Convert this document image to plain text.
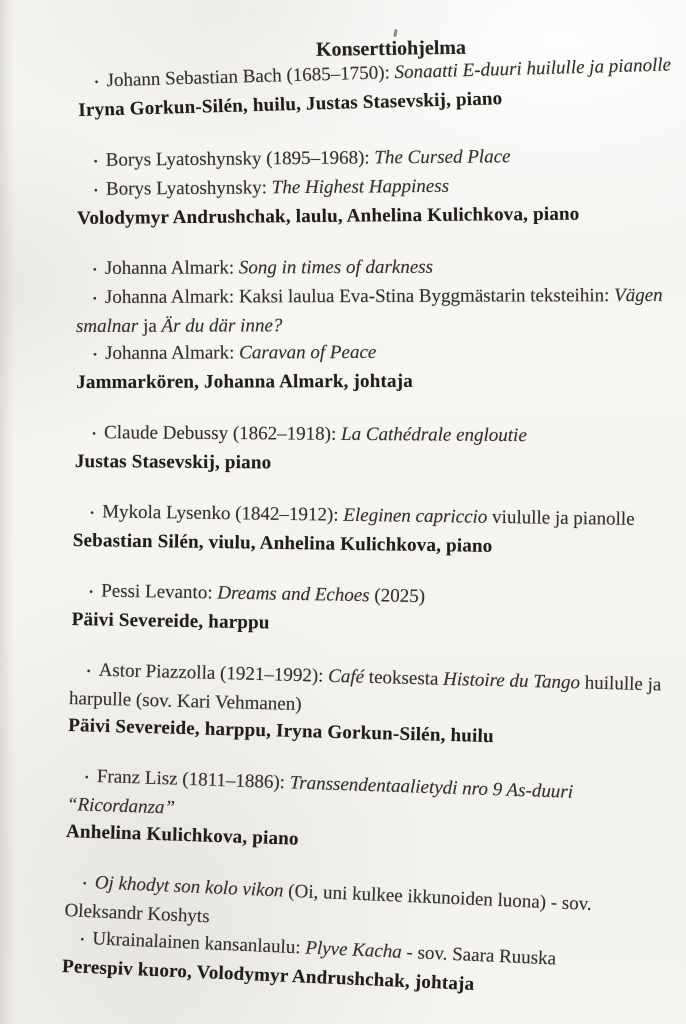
Konserttiohjelma
• Johann Sebastian Bach (1685–1750): Sonaatti E-duuri huilulle ja pianolle
Iryna Gorkun-Silén, huilu, Justas Stasevskij, piano
• Borys Lyatoshynsky (1895–1968): The Cursed Place
• Borys Lyatoshynsky: The Highest Happiness
Volodymyr Andrushchak, laulu, Anhelina Kulichkova, piano
• Johanna Almark: Song in times of darkness
• Johanna Almark: Kaksi laulua Eva-Stina Byggmästarin teksteihin: Vägen
smalnar ja Är du där inne?
• Johanna Almark: Caravan of Peace
Jammarkören, Johanna Almark, johtaja
• Claude Debussy (1862–1918): La Cathédrale engloutie
Justas Stasevskij, piano
• Mykola Lysenko (1842–1912): Eleginen capriccio viululle ja pianolle
Sebastian Silén, viulu, Anhelina Kulichkova, piano
• Pessi Levanto: Dreams and Echoes (2025)
Päivi Severeide, harppu
• Astor Piazzolla (1921–1992): Café teoksesta Histoire du Tango huilulle ja
harpulle (sov. Kari Vehmanen)
Päivi Severeide, harppu, Iryna Gorkun-Silén, huilu
• Franz Lisz (1811–1886): Transsendentaalietydi nro 9 As-duuri
“Ricordanza”
Anhelina Kulichkova, piano
• Oj khodyt son kolo vikon (Oi, uni kulkee ikkunoiden luona) - sov.
Oleksandr Koshyts
• Ukrainalainen kansanlaulu: Plyve Kacha - sov. Saara Ruuska
Perespiv kuoro, Volodymyr Andrushchak, johtaja
